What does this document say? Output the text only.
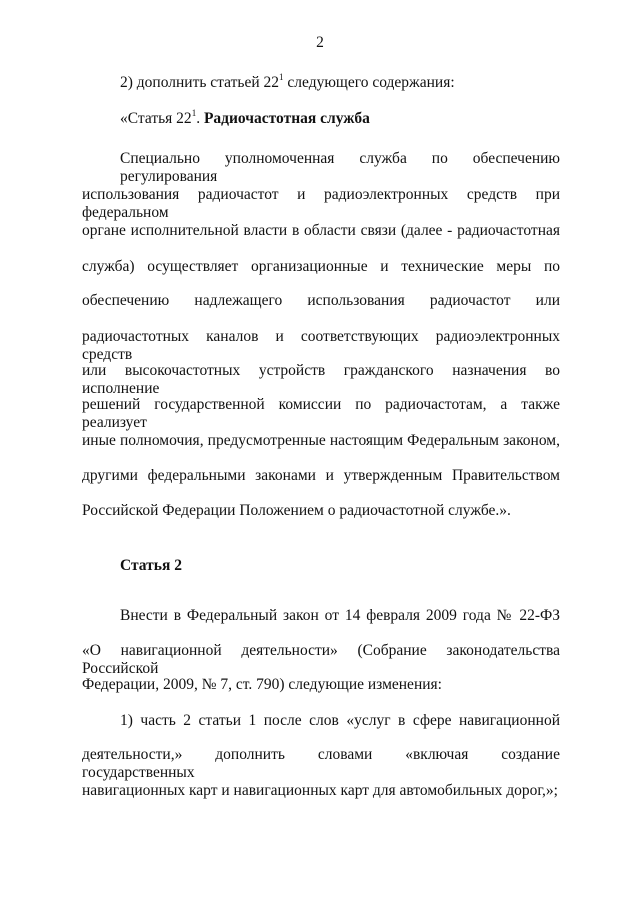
2
2) дополнить статьей $22^1$ следующего содержания:
«Статья $22^1$. Радиочастотная служба
Специально уполномоченная служба по обеспечению регулирования
использования радиочастот и радиоэлектронных средств при федеральном
органе исполнительной власти в области связи (далее - радиочастотная
служба) осуществляет организационные и технические меры по
обеспечению надлежащего использования радиочастот или
радиочастотных каналов и соответствующих радиоэлектронных средств
или высокочастотных устройств гражданского назначения во исполнение
решений государственной комиссии по радиочастотам, а также реализует
иные полномочия, предусмотренные настоящим Федеральным законом,
другими федеральными законами и утвержденным Правительством
Российской Федерации Положением о радиочастотной службе.».
Статья 2
Внести в Федеральный закон от 14 февраля 2009 года № 22-ФЗ
«О навигационной деятельности» (Собрание законодательства Российской
Федерации, 2009, № 7, ст. 790) следующие изменения:
1) часть 2 статьи 1 после слов «услуг в сфере навигационной
деятельности,» дополнить словами «включая создание государственных
навигационных карт и навигационных карт для автомобильных дорог,»;
